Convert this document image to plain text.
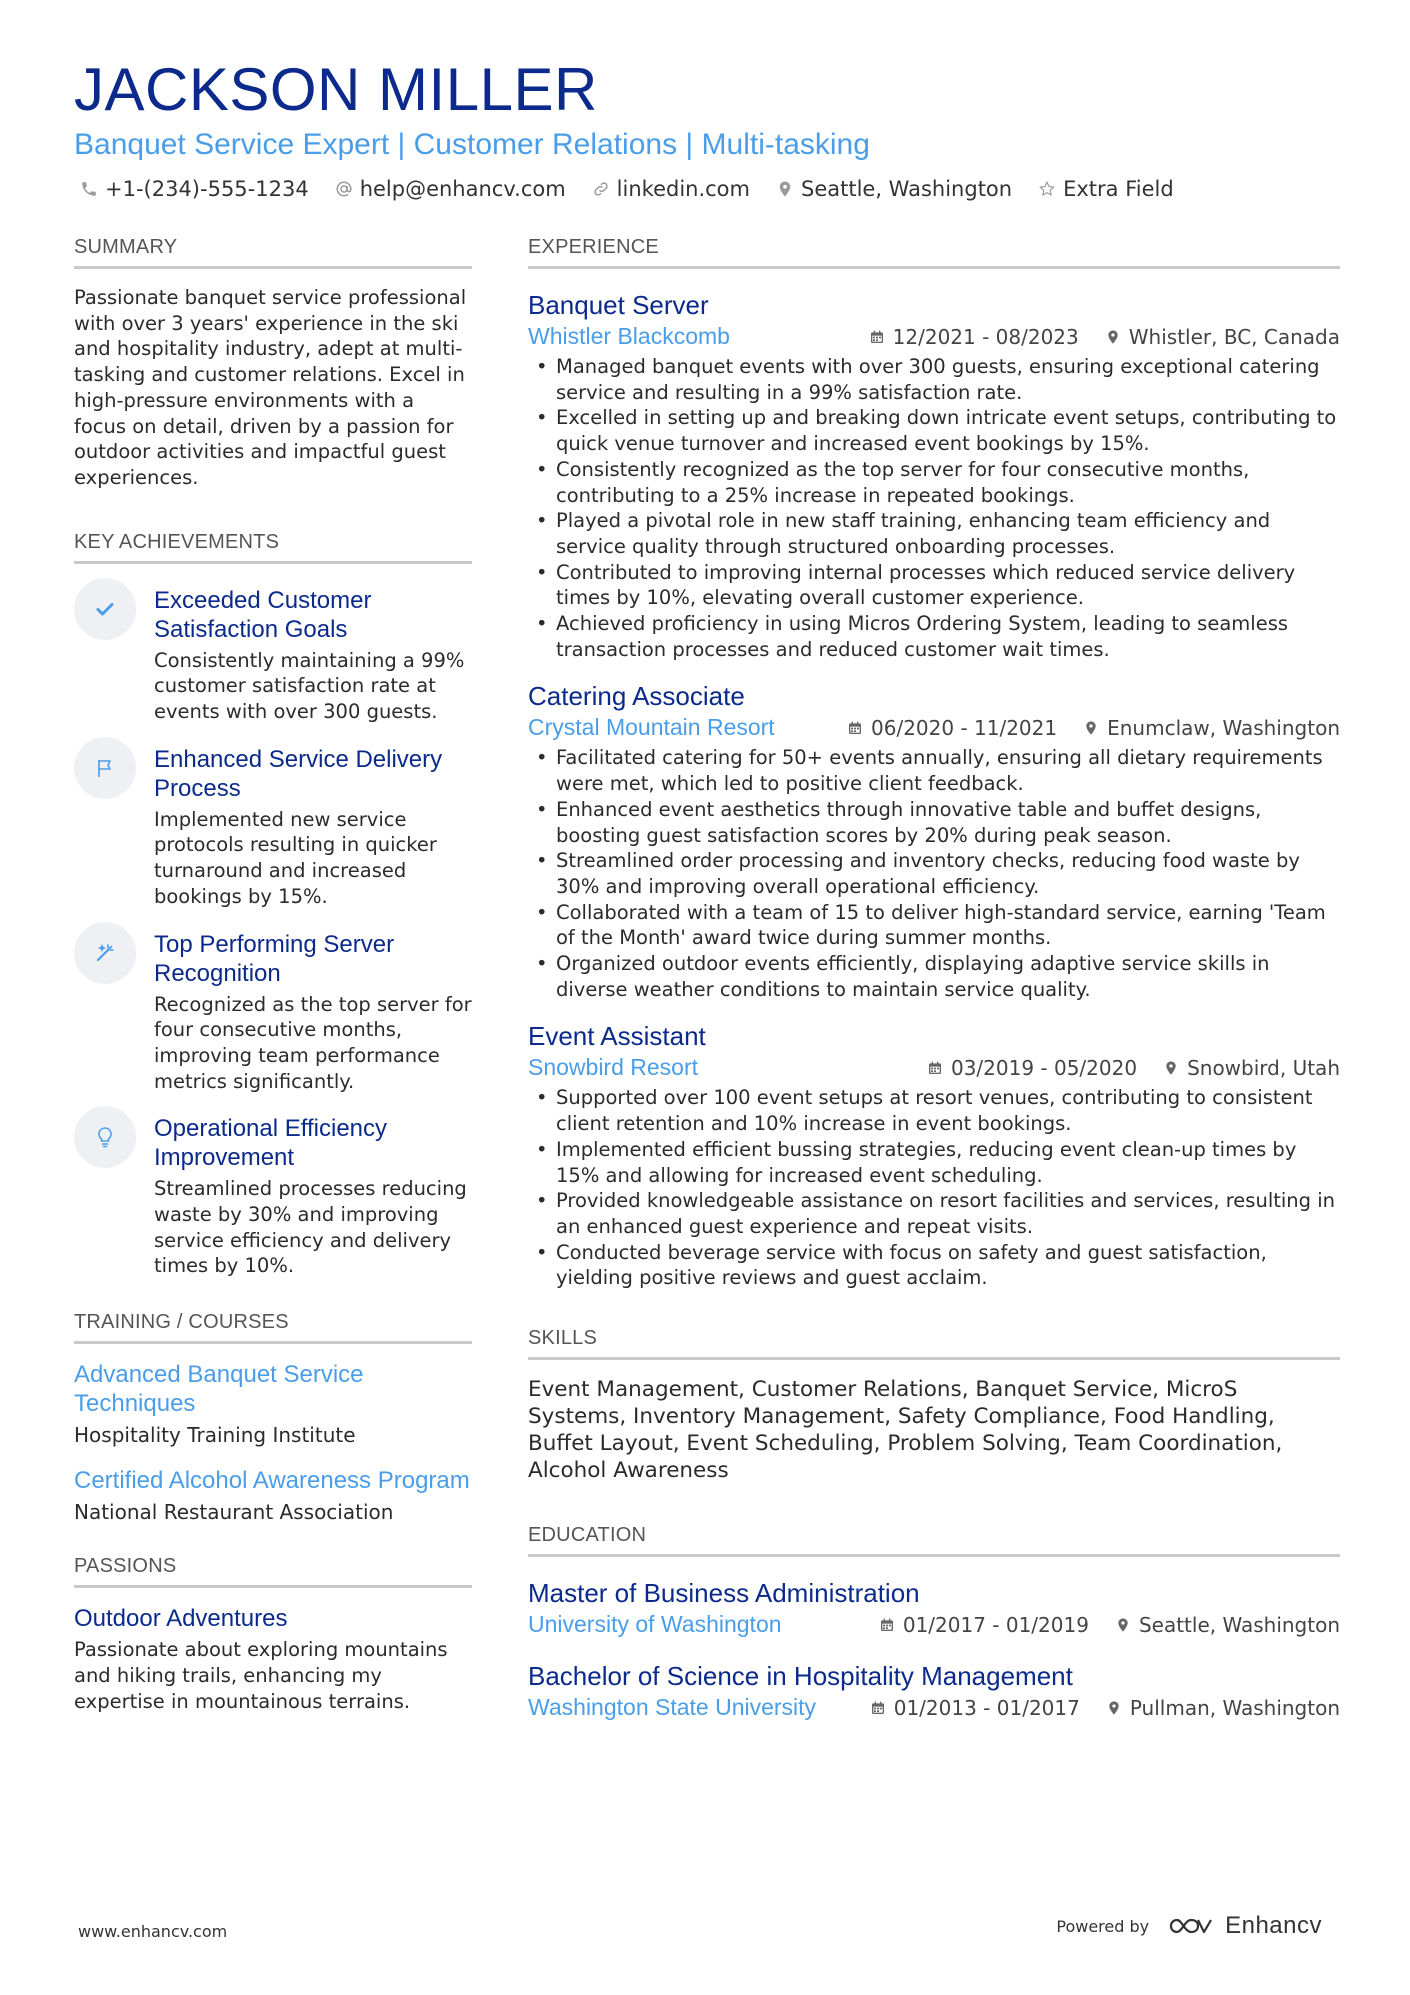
JACKSON MILLER
Banquet Service Expert | Customer Relations | Multi-tasking
+1-(234)-555-1234 help@enhancv.com linkedin.com Seattle, Washington Extra Field
SUMMARY
Passionate banquet service professional with over 3 years' experience in the ski and hospitality industry, adept at multi-tasking and customer relations. Excel in high-pressure environments with a focus on detail, driven by a passion for outdoor activities and impactful guest experiences.
KEY ACHIEVEMENTS
Exceeded Customer Satisfaction Goals
Consistently maintaining a 99% customer satisfaction rate at events with over 300 guests.
Enhanced Service Delivery Process
Implemented new service protocols resulting in quicker turnaround and increased bookings by 15%.
Top Performing Server Recognition
Recognized as the top server for four consecutive months, improving team performance metrics significantly.
Operational Efficiency Improvement
Streamlined processes reducing waste by 30% and improving service efficiency and delivery times by 10%.
TRAINING / COURSES
Advanced Banquet Service Techniques
Hospitality Training Institute
Certified Alcohol Awareness Program
National Restaurant Association
PASSIONS
Outdoor Adventures
Passionate about exploring mountains and hiking trails, enhancing my expertise in mountainous terrains.
EXPERIENCE
Banquet Server
Whistler Blackcomb	12/2021 - 08/2023	Whistler, BC, Canada
• Managed banquet events with over 300 guests, ensuring exceptional catering service and resulting in a 99% satisfaction rate.
• Excelled in setting up and breaking down intricate event setups, contributing to quick venue turnover and increased event bookings by 15%.
• Consistently recognized as the top server for four consecutive months, contributing to a 25% increase in repeated bookings.
• Played a pivotal role in new staff training, enhancing team efficiency and service quality through structured onboarding processes.
• Contributed to improving internal processes which reduced service delivery times by 10%, elevating overall customer experience.
• Achieved proficiency in using Micros Ordering System, leading to seamless transaction processes and reduced customer wait times.
Catering Associate
Crystal Mountain Resort	06/2020 - 11/2021	Enumclaw, Washington
• Facilitated catering for 50+ events annually, ensuring all dietary requirements were met, which led to positive client feedback.
• Enhanced event aesthetics through innovative table and buffet designs, boosting guest satisfaction scores by 20% during peak season.
• Streamlined order processing and inventory checks, reducing food waste by 30% and improving overall operational efficiency.
• Collaborated with a team of 15 to deliver high-standard service, earning 'Team of the Month' award twice during summer months.
• Organized outdoor events efficiently, displaying adaptive service skills in diverse weather conditions to maintain service quality.
Event Assistant
Snowbird Resort	03/2019 - 05/2020	Snowbird, Utah
• Supported over 100 event setups at resort venues, contributing to consistent client retention and 10% increase in event bookings.
• Implemented efficient bussing strategies, reducing event clean-up times by 15% and allowing for increased event scheduling.
• Provided knowledgeable assistance on resort facilities and services, resulting in an enhanced guest experience and repeat visits.
• Conducted beverage service with focus on safety and guest satisfaction, yielding positive reviews and guest acclaim.
SKILLS
Event Management, Customer Relations, Banquet Service, MicroS Systems, Inventory Management, Safety Compliance, Food Handling, Buffet Layout, Event Scheduling, Problem Solving, Team Coordination, Alcohol Awareness
EDUCATION
Master of Business Administration
University of Washington	01/2017 - 01/2019	Seattle, Washington
Bachelor of Science in Hospitality Management
Washington State University	01/2013 - 01/2017	Pullman, Washington
www.enhancv.com	Powered by	Enhancv
